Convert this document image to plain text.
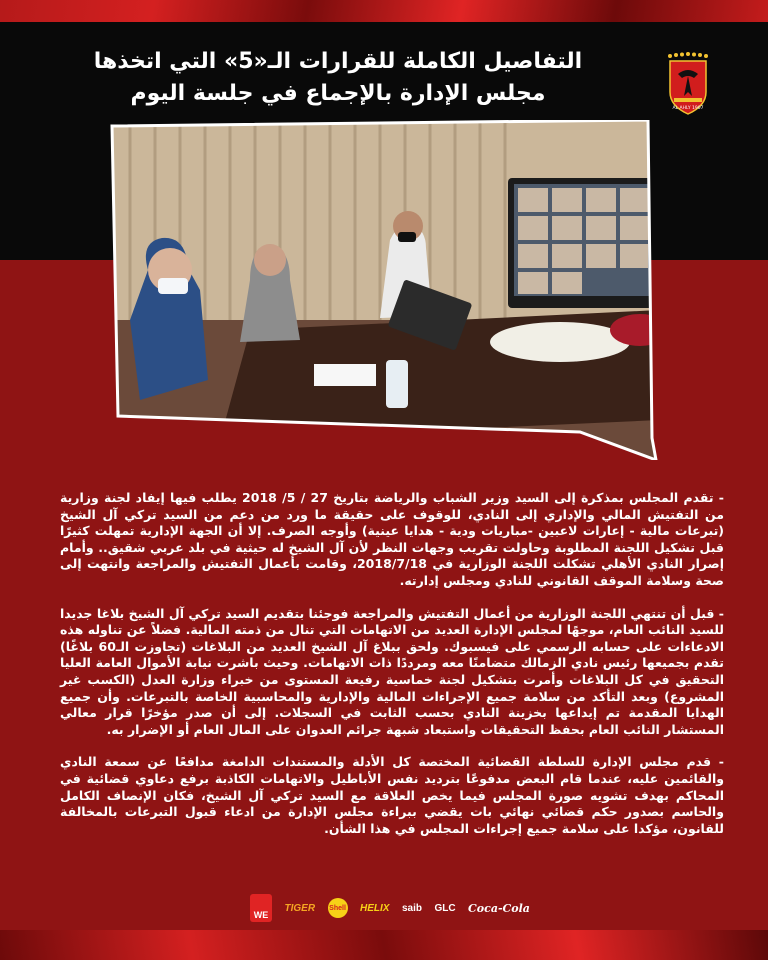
التفاصيل الكاملة للقرارات الـ«5» التي اتخذها
مجلس الإدارة بالإجماع في جلسة اليوم
AL AHLY 1907

- تقدم المجلس بمذكرة إلى السيد وزير الشباب والرياضة بتاريخ 27 / 5/ 2018 يطلب فيها إيفاد لجنة وزارية من التفتيش المالي والإداري إلى النادي، للوقوف على حقيقة ما ورد من دعم من السيد تركي آل الشيخ (تبرعات مالية - إعارات لاعبين -مباريات ودية - هدايا عينية) وأوجه الصرف. إلا أن الجهة الإدارية تمهلت كثيرًا قبل تشكيل اللجنة المطلوبة وحاولت تقريب وجهات النظر لأن آل الشيخ له حيثية في بلد عربي شقيق.. وأمام إصرار النادي الأهلي تشكلت اللجنة الوزارية في 2018/7/18، وقامت بأعمال التفتيش والمراجعة وانتهت إلى صحة وسلامة الموقف القانوني للنادي ومجلس إدارته.

- قبل أن تنتهي اللجنة الوزارية من أعمال التفتيش والمراجعة فوجئنا بتقديم السيد تركي آل الشيخ بلاغا جديدا للسيد النائب العام، موجهًا لمجلس الإدارة العديد من الاتهامات التي تنال من ذمته المالية. فضلاً عن تناوله هذه الادعاءات على حسابه الرسمي على فيسبوك. ولحق ببلاغ آل الشيخ العديد من البلاغات (تجاوزت الـ60 بلاغًا) تقدم بجميعها رئيس نادي الزمالك متضامنًا معه ومرددًا ذات الاتهامات. وحيث باشرت نيابة الأموال العامة العليا التحقيق في كل البلاغات وأمرت بتشكيل لجنة خماسية رفيعة المستوى من خبراء وزارة العدل (الكسب غير المشروع) وبعد التأكد من سلامة جميع الإجراءات المالية والإدارية والمحاسبية الخاصة بالتبرعات. وأن جميع الهدايا المقدمة تم إيداعها بخزينة النادي بحسب الثابت في السجلات. إلى أن صدر مؤخرًا قرار معالي المستشار النائب العام بحفظ التحقيقات واستبعاد شبهة جرائم العدوان على المال العام أو الإضرار به.

- قدم مجلس الإدارة للسلطة القضائية المختصة كل الأدلة والمستندات الدامغة مدافعًا عن سمعة النادي والقائمين عليه، عندما قام البعض مدفوعًا بترديد نفس الأباطيل والاتهامات الكاذبة برفع دعاوي قضائية في المحاكم بهدف تشويه صورة المجلس فيما يخص العلاقة مع السيد تركي آل الشيخ، فكان الإنصاف الكامل والحاسم بصدور حكم قضائي نهائي بات يقضي ببراءة مجلس الإدارة من ادعاء قبول التبرعات بالمخالفة للقانون، مؤكدا على سلامة جميع إجراءات المجلس في هذا الشأن.

WE
TIGER Shell HELIX saib GLC Coca-Cola
